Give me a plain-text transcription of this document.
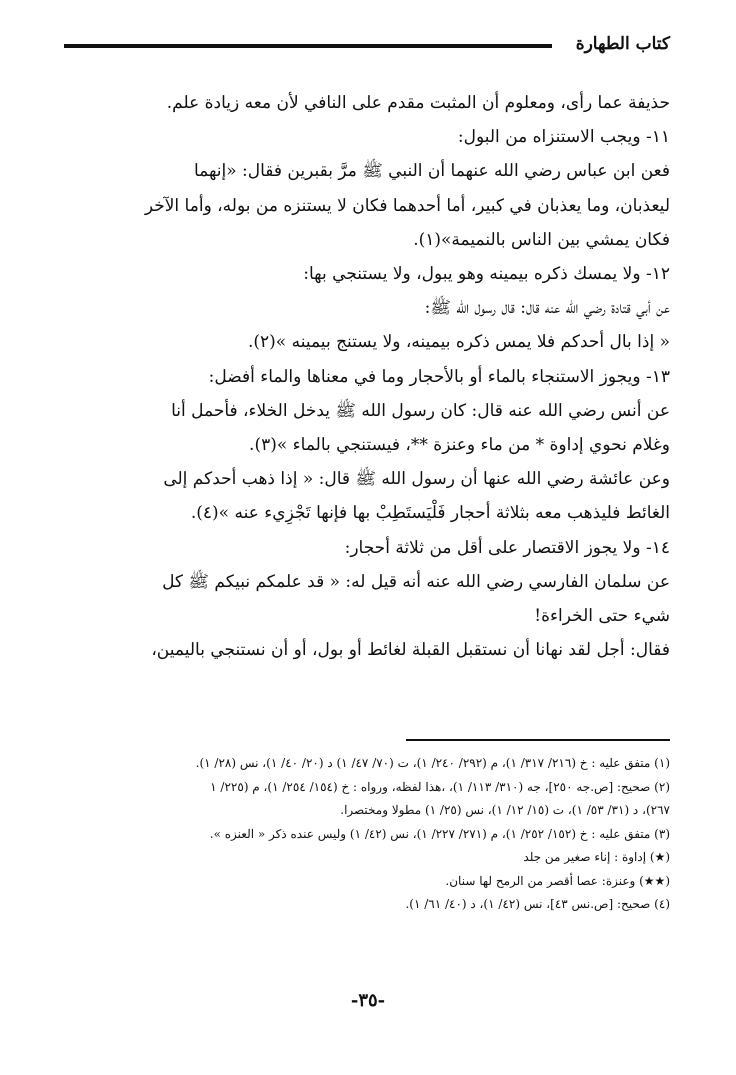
كتاب الطهارة

حذيفة عما رأى، ومعلوم أن المثبت مقدم على النافي لأن معه زيادة علم.

١١- ويجب الاستنزاه من البول:

فعن ابن عباس رضي الله عنهما أن النبي ﷺ مرَّ بقبرين فقال: «إنهما

ليعذبان، وما يعذبان في كبير، أما أحدهما فكان لا يستنزه من بوله، وأما الآخر

فكان يمشي بين الناس بالنميمة»(١).

١٢- ولا يمسك ذكره بيمينه وهو يبول، ولا يستنجي بها:

عن أبي قتادة رضي الله عنه قال: قال رسول الله ﷺ:

« إذا بال أحدكم فلا يمس ذكره بيمينه، ولا يستنج بيمينه »(٢).

١٣- ويجوز الاستنجاء بالماء أو بالأحجار وما في معناها والماء أفضل:

عن أنس رضي الله عنه قال: كان رسول الله ﷺ يدخل الخلاء، فأحمل أنا

وغلام نحوي إداوة * من ماء وعنزة **، فيستنجي بالماء »(٣).

وعن عائشة رضي الله عنها أن رسول الله ﷺ قال: « إذا ذهب أحدكم إلى

الغائط فليذهب معه بثلاثة أحجار فَلْيَستَطِبْ بها فإنها تَجْزِيء عنه »(٤).

١٤- ولا يجوز الاقتصار على أقل من ثلاثة أحجار:

عن سلمان الفارسي رضي الله عنه أنه قيل له: « قد علمكم نبيكم ﷺ كل

شيء حتى الخراءة!

فقال: أجل لقد نهانا أن نستقبل القبلة لغائط أو بول، أو أن نستنجي باليمين،

(١) متفق عليه : خ (٢١٦/ ٣١٧/ ١)، م (٢٩٢/ ٢٤٠/ ١)، ت (٧٠/ ٤٧/ ١) د (٢٠/ ٤٠/ ١)، نس (٢٨/ ١).

(٢) صحيح: [ص.جه ٢٥٠]، جه (٣١٠/ ١١٣/ ١)، ،هذا لفظه، ورواه : خ (١٥٤/ ٢٥٤/ ١)، م (٢٢٥/ ١

٢٦٧)، د (٣١/ ٥٣/ ١)، ت (١٥/ ١٢/ ١)، نس (٢٥/ ١) مطولا ومختصرا.

(٣) متفق عليه : خ (١٥٢/ ٢٥٢/ ١)، م (٢٧١/ ٢٢٧/ ١)، نس (٤٢/ ١) وليس عنده ذكر « العنزه ».

(★) إداوة : إناء صغير من جلد

(★★) وعنزة: عصا أقصر من الرمح لها سنان.

(٤) صحيح: [ص.نس ٤٣]، نس (٤٢/ ١)، د (٤٠/ ٦١/ ١).

-٣٥-
